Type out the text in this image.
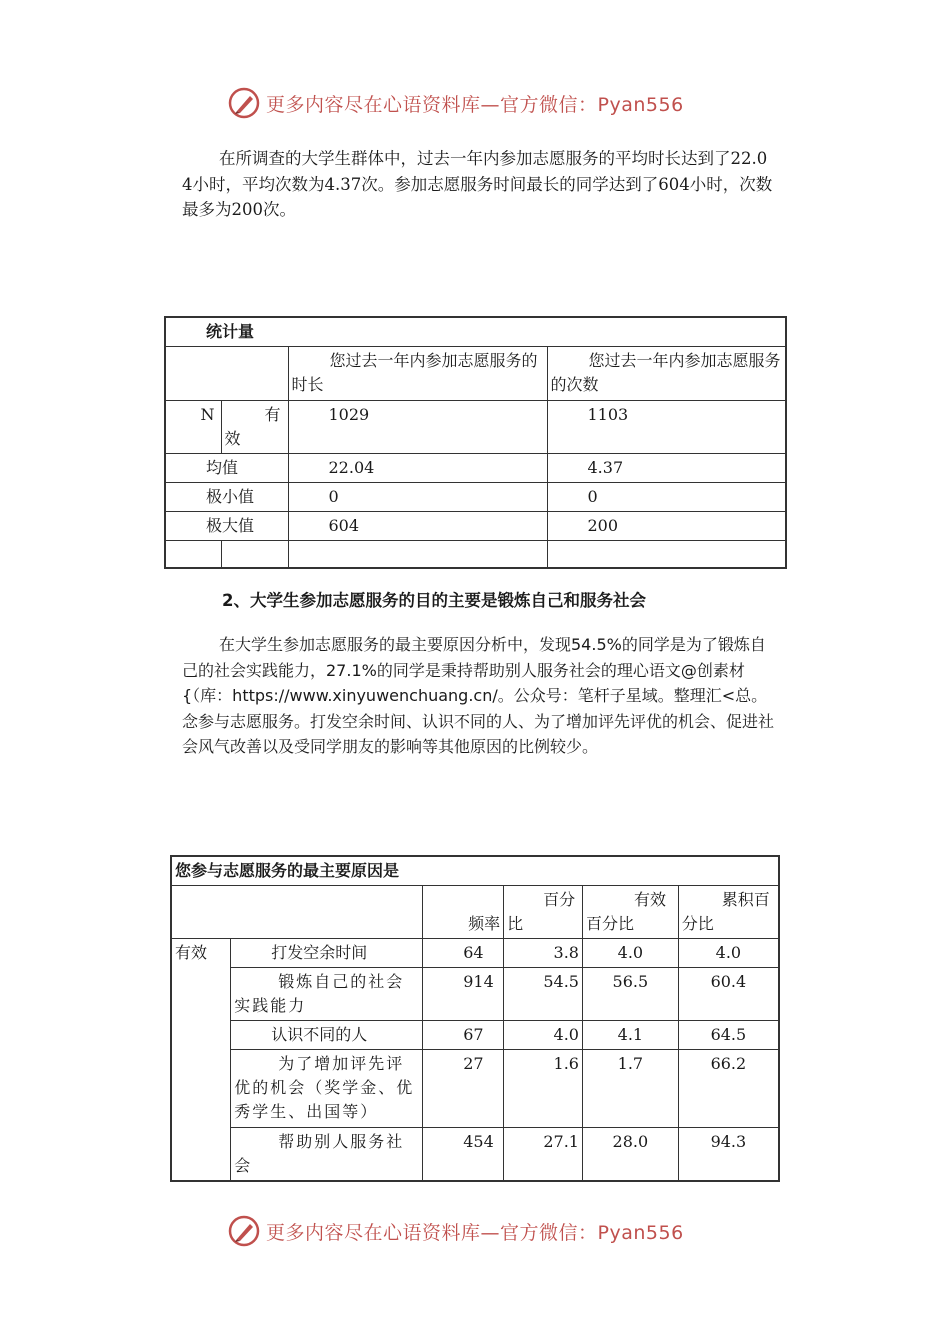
更多内容尽在心语资料库—官方微信：Pyan556

在所调查的大学生群体中，过去一年内参加志愿服务的平均时长达到了22.04小时，平均次数为4.37次。参加志愿服务时间最长的同学达到了604小时，次数最多为200次。

统计量			
		您过去一年内参加志愿服务的时长	您过去一年内参加志愿服务的次数
N	有效	1029	1103
均值		22.04	4.37
极小值		0	0
极大值		604	200

2、大学生参加志愿服务的目的主要是锻炼自己和服务社会

在大学生参加志愿服务的最主要原因分析中，发现54.5%的同学是为了锻炼自己的社会实践能力，27.1%的同学是秉持帮助别人服务社会的理心语文@创素材{（库：https://www.xinyuwenchuang.cn/。公众号：笔杆子星域。整理汇<总。念参与志愿服务。打发空余时间、认识不同的人、为了增加评先评优的机会、促进社会风气改善以及受同学朋友的影响等其他原因的比例较少。

您参与志愿服务的最主要原因是					
		频率	百分比	有效百分比	累积百分比
有效	打发空余时间	64	3.8	4.0	4.0
	锻炼自己的社会实践能力	914	54.5	56.5	60.4
	认识不同的人	67	4.0	4.1	64.5
	为了增加评先评优的机会（奖学金、优秀学生、出国等）	27	1.6	1.7	66.2
	帮助别人服务社会	454	27.1	28.0	94.3
更多内容尽在心语资料库—官方微信：Pyan556
